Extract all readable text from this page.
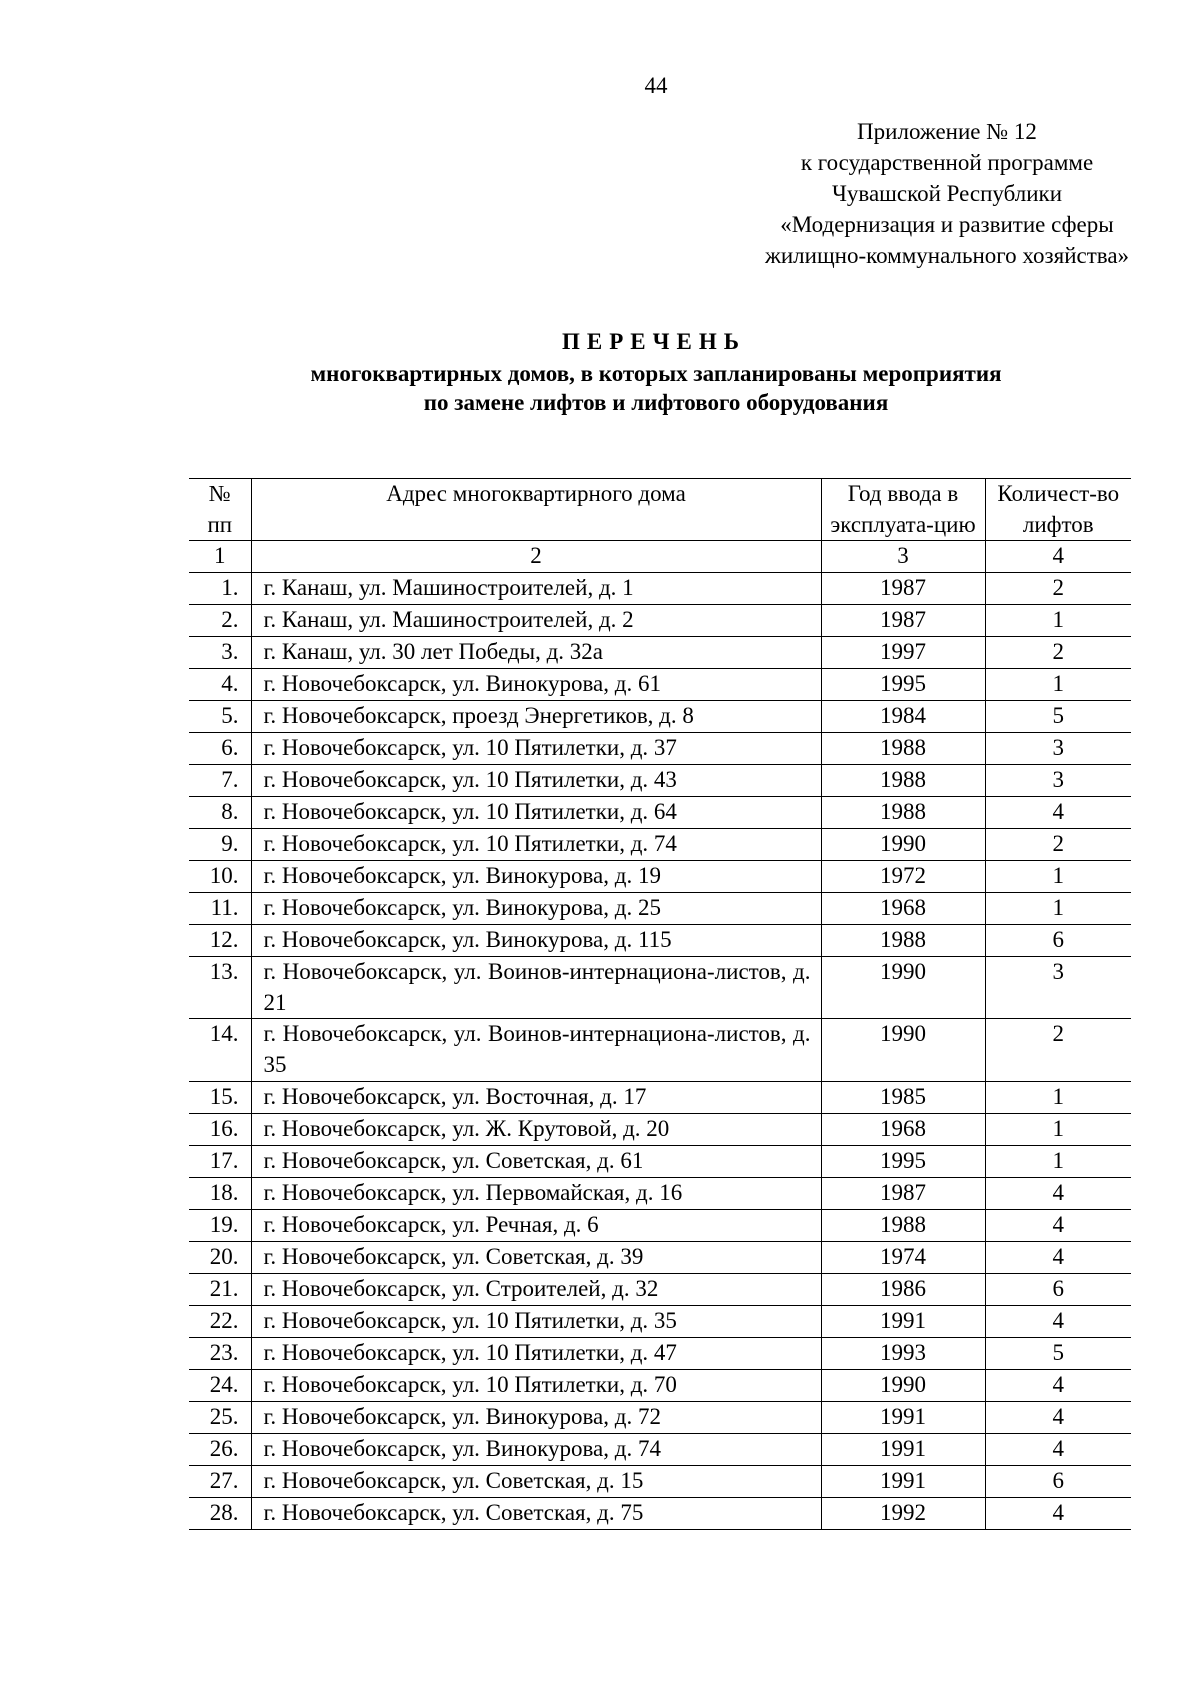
44
Приложение № 12
к государственной программе
Чувашской Республики
«Модернизация и развитие сферы
жилищно-коммунального хозяйства»
ПЕРЕЧЕНЬ
многоквартирных домов, в которых запланированы мероприятия
по замене лифтов и лифтового оборудования
№ пп	Адрес многоквартирного дома	Год ввода в эксплуата-цию	Количест-во лифтов
1	2	3	4
1.	г. Канаш, ул. Машиностроителей, д. 1	1987	2
2.	г. Канаш, ул. Машиностроителей, д. 2	1987	1
3.	г. Канаш, ул. 30 лет Победы, д. 32а	1997	2
4.	г. Новочебоксарск, ул. Винокурова, д. 61	1995	1
5.	г. Новочебоксарск, проезд Энергетиков, д. 8	1984	5
6.	г. Новочебоксарск, ул. 10 Пятилетки, д. 37	1988	3
7.	г. Новочебоксарск, ул. 10 Пятилетки, д. 43	1988	3
8.	г. Новочебоксарск, ул. 10 Пятилетки, д. 64	1988	4
9.	г. Новочебоксарск, ул. 10 Пятилетки, д. 74	1990	2
10.	г. Новочебоксарск, ул. Винокурова, д. 19	1972	1
11.	г. Новочебоксарск, ул. Винокурова, д. 25	1968	1
12.	г. Новочебоксарск, ул. Винокурова, д. 115	1988	6
13.	г. Новочебоксарск, ул. Воинов-интернациона-листов, д. 21	1990	3
14.	г. Новочебоксарск, ул. Воинов-интернациона-листов, д. 35	1990	2
15.	г. Новочебоксарск, ул. Восточная, д. 17	1985	1
16.	г. Новочебоксарск, ул. Ж. Крутовой, д. 20	1968	1
17.	г. Новочебоксарск, ул. Советская, д. 61	1995	1
18.	г. Новочебоксарск, ул. Первомайская, д. 16	1987	4
19.	г. Новочебоксарск, ул. Речная, д. 6	1988	4
20.	г. Новочебоксарск, ул. Советская, д. 39	1974	4
21.	г. Новочебоксарск, ул. Строителей, д. 32	1986	6
22.	г. Новочебоксарск, ул. 10 Пятилетки, д. 35	1991	4
23.	г. Новочебоксарск, ул. 10 Пятилетки, д. 47	1993	5
24.	г. Новочебоксарск, ул. 10 Пятилетки, д. 70	1990	4
25.	г. Новочебоксарск, ул. Винокурова, д. 72	1991	4
26.	г. Новочебоксарск, ул. Винокурова, д. 74	1991	4
27.	г. Новочебоксарск, ул. Советская, д. 15	1991	6
28.	г. Новочебоксарск, ул. Советская, д. 75	1992	4
